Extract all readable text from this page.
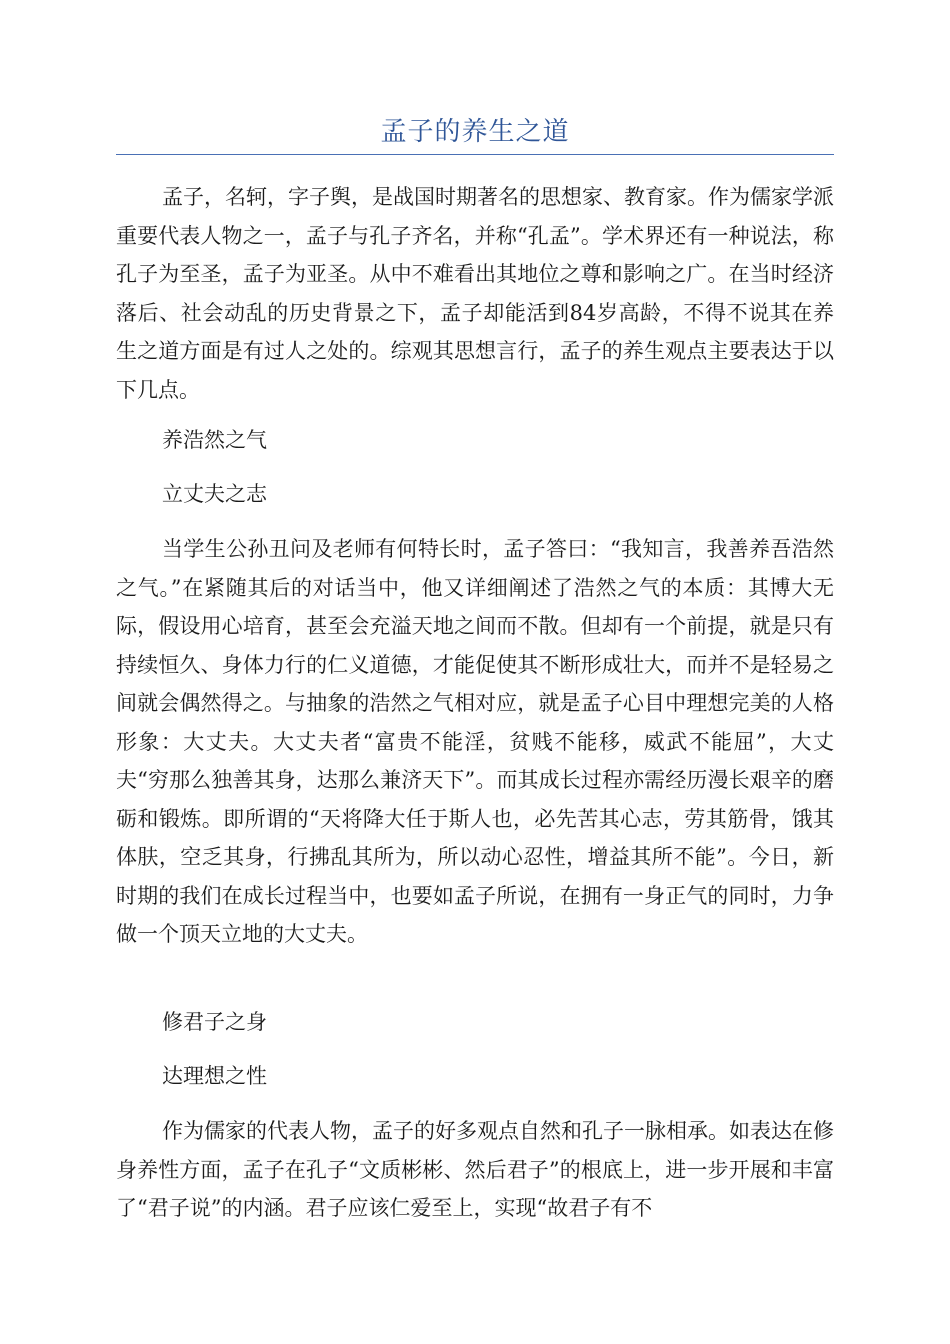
孟子的养生之道

孟子，名轲，字子舆，是战国时期著名的思想家、教育家。作为儒家学派重要代表人物之一，孟子与孔子齐名，并称“孔孟”。学术界还有一种说法，称孔子为至圣，孟子为亚圣。从中不难看出其地位之尊和影响之广。在当时经济落后、社会动乱的历史背景之下，孟子却能活到84岁高龄，不得不说其在养生之道方面是有过人之处的。综观其思想言行，孟子的养生观点主要表达于以下几点。

养浩然之气

立丈夫之志

当学生公孙丑问及老师有何特长时，孟子答曰：“我知言，我善养吾浩然之气。”在紧随其后的对话当中，他又详细阐述了浩然之气的本质：其博大无际，假设用心培育，甚至会充溢天地之间而不散。但却有一个前提，就是只有持续恒久、身体力行的仁义道德，才能促使其不断形成壮大，而并不是轻易之间就会偶然得之。与抽象的浩然之气相对应，就是孟子心目中理想完美的人格形象：大丈夫。大丈夫者“富贵不能淫，贫贱不能移，威武不能屈”，大丈夫“穷那么独善其身，达那么兼济天下”。而其成长过程亦需经历漫长艰辛的磨砺和锻炼。即所谓的“天将降大任于斯人也，必先苦其心志，劳其筋骨，饿其体肤，空乏其身，行拂乱其所为，所以动心忍性，增益其所不能”。今日，新时期的我们在成长过程当中，也要如孟子所说，在拥有一身正气的同时，力争做一个顶天立地的大丈夫。

修君子之身

达理想之性

作为儒家的代表人物，孟子的好多观点自然和孔子一脉相承。如表达在修身养性方面，孟子在孔子“文质彬彬、然后君子”的根底上，进一步开展和丰富了“君子说”的内涵。君子应该仁爱至上，实现“故君子有不
